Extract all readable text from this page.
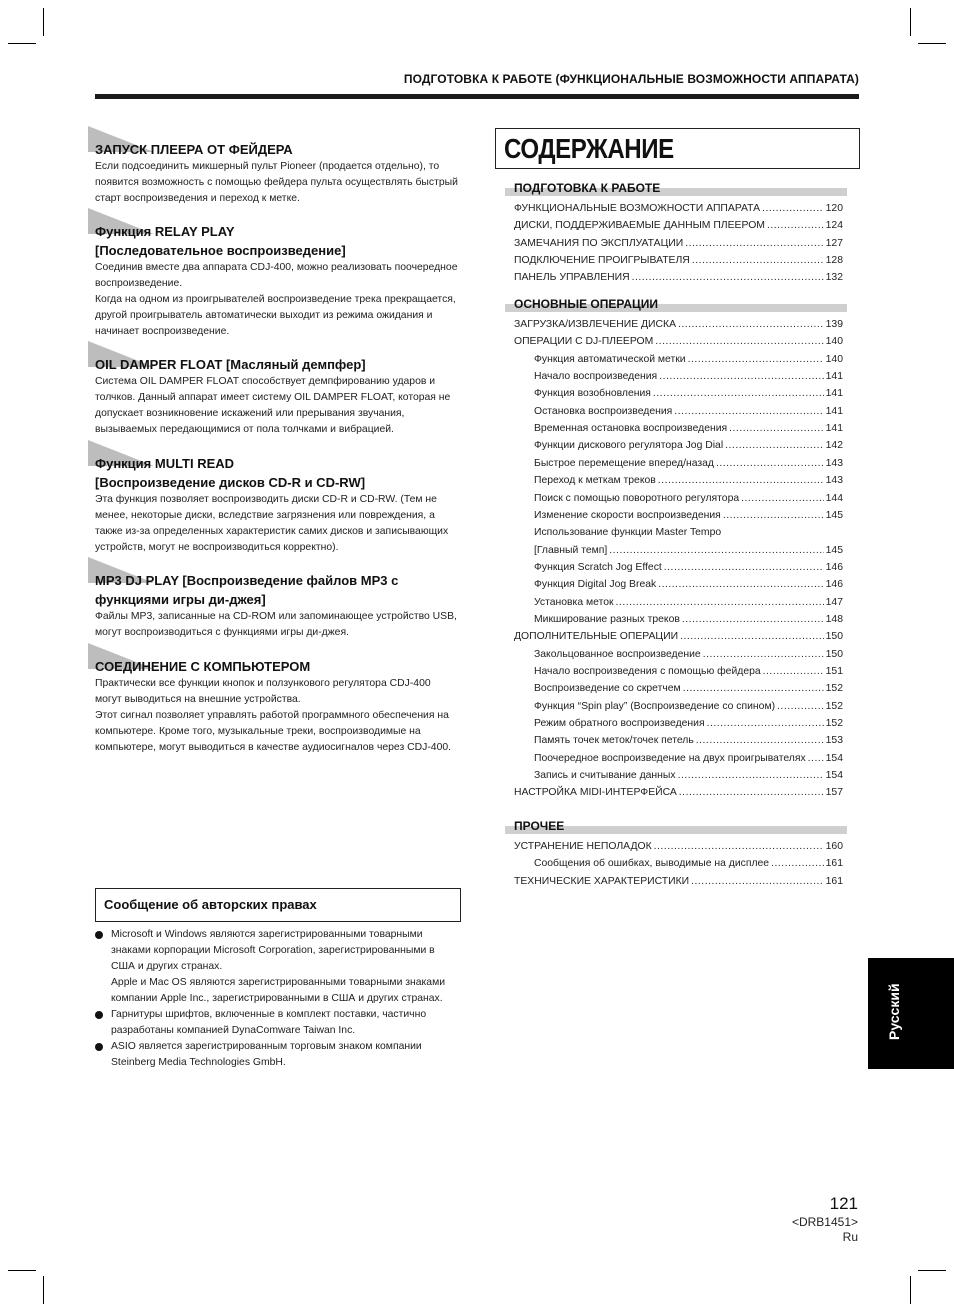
ПОДГОТОВКА К РАБОТЕ (ФУНКЦИОНАЛЬНЫЕ ВОЗМОЖНОСТИ АППАРАТА)
ЗАПУСК ПЛЕЕРА ОТ ФЕЙДЕРА
Если подсоединить микшерный пульт Pioneer (продается отдельно), то появится возможность с помощью фейдера пульта осуществлять быстрый старт воспроизведения и переход к метке.
Функция RELAY PLAY
[Последовательное воспроизведение]
Соединив вместе два аппарата CDJ-400, можно реализовать поочередное воспроизведение.
Когда на одном из проигрывателей воспроизведение трека прекращается, другой проигрыватель автоматически выходит из режима ожидания и начинает воспроизведение.
OIL DAMPER FLOAT [Масляный демпфер]
Система OIL DAMPER FLOAT способствует демпфированию ударов и толчков. Данный аппарат имеет систему OIL DAMPER FLOAT, которая не допускает возникновение искажений или прерывания звучания, вызываемых передающимися от пола толчками и вибрацией.
Функция MULTI READ
[Воспроизведение дисков CD-R и CD-RW]
Эта функция позволяет воспроизводить диски CD-R и CD-RW. (Тем не менее, некоторые диски, вследствие загрязнения или повреждения, а также из-за определенных характеристик самих дисков и записывающих устройств, могут не воспроизводиться корректно).
MP3 DJ PLAY [Воспроизведение файлов MP3 с функциями игры ди-джея]
Файлы MP3, записанные на CD-ROM или запоминающее устройство USB, могут воспроизводиться с функциями игры ди-джея.
СОЕДИНЕНИЕ С КОМПЬЮТЕРОМ
Практически все функции кнопок и ползункового регулятора CDJ-400 могут выводиться на внешние устройства.
Этот сигнал позволяет управлять работой программного обеспечения на компьютере. Кроме того, музыкальные треки, воспроизводимые на компьютере, могут выводиться в качестве аудиосигналов через CDJ-400.
СОДЕРЖАНИЕ
ПОДГОТОВКА К РАБОТЕ
ФУНКЦИОНАЛЬНЫЕ ВОЗМОЖНОСТИ АППАРАТА .....	120
ДИСКИ, ПОДДЕРЖИВАЕМЫЕ ДАННЫМ ПЛЕЕРОМ .....	124
ЗАМЕЧАНИЯ ПО ЭКСПЛУАТАЦИИ .....	127
ПОДКЛЮЧЕНИЕ ПРОИГРЫВАТЕЛЯ .....	128
ПАНЕЛЬ УПРАВЛЕНИЯ .....	132
ОСНОВНЫЕ ОПЕРАЦИИ
ЗАГРУЗКА/ИЗВЛЕЧЕНИЕ ДИСКА .....	139
ОПЕРАЦИИ С DJ-ПЛЕЕРОМ .....	140
Функция автоматической метки .....	140
Начало воспроизведения .....	141
Функция возобновления .....	141
Остановка воспроизведения .....	141
Временная остановка воспроизведения .....	141
Функции дискового регулятора Jog Dial .....	142
Быстрое перемещение вперед/назад .....	143
Переход к меткам треков .....	143
Поиск с помощью поворотного регулятора .....	144
Изменение скорости воспроизведения .....	145
Использование функции Master Tempo
[Главный темп] .....	145
Функция Scratch Jog Effect .....	146
Функция Digital Jog Break .....	146
Установка меток .....	147
Микширование разных треков .....	148
ДОПОЛНИТЕЛЬНЫЕ ОПЕРАЦИИ .....	150
Закольцованное воспроизведение .....	150
Начало воспроизведения с помощью фейдера .....	151
Воспроизведение со скретчем .....	152
Функция “Spin play” (Воспроизведение со спином) .....	152
Режим обратного воспроизведения .....	152
Память точек меток/точек петель .....	153
Поочередное воспроизведение на двух проигрывателях ..... 154
Запись и считывание данных .....	154
НАСТРОЙКА MIDI-ИНТЕРФЕЙСА .....	157
ПРОЧЕЕ
УСТРАНЕНИЕ НЕПОЛАДОК .....	160
Сообщения об ошибках, выводимые на дисплее .....	161
ТЕХНИЧЕСКИЕ ХАРАКТЕРИСТИКИ .....	161
Сообщение об авторских правах
Microsoft и Windows являются зарегистрированными товарными знаками корпорации Microsoft Corporation, зарегистрированными в США и других странах.
Apple и Mac OS являются зарегистрированными товарными знаками компании Apple Inc., зарегистрированными в США и других странах.
Гарнитуры шрифтов, включенные в комплект поставки, частично разработаны компанией DynaComware Taiwan Inc.
ASIO является зарегистрированным торговым знаком компании Steinberg Media Technologies GmbH.
Русский
121
<DRB1451>
Ru
